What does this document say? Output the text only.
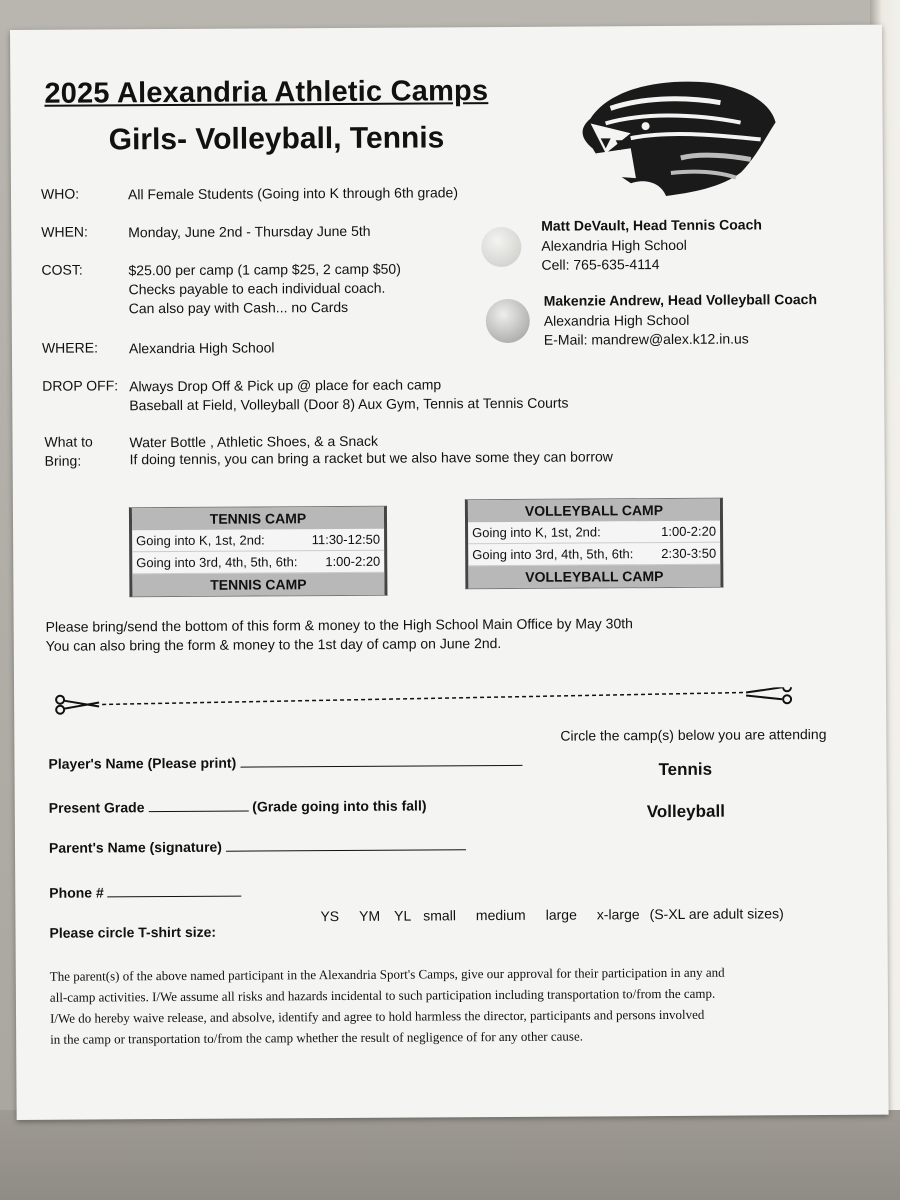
2025 Alexandria Athletic Camps
Girls- Volleyball, Tennis
WHO:	All Female Students (Going into K through 6th grade)
WHEN:	Monday, June 2nd - Thursday June 5th
COST:	$25.00 per camp (1 camp $25, 2 camp $50)
Checks payable to each individual coach.
Can also pay with Cash... no Cards
WHERE: Alexandria High School
DROP OFF: Always Drop Off & Pick up @ place for each camp
Baseball at Field, Volleyball (Door 8) Aux Gym, Tennis at Tennis Courts
What to
Bring:
Water Bottle , Athletic Shoes, & a Snack
If doing tennis, you can bring a racket but we also have some they can borrow
Matt DeVault, Head Tennis Coach
Alexandria High School
Cell: 765-635-4114
Makenzie Andrew, Head Volleyball Coach
Alexandria High School
E-Mail: mandrew@alex.k12.in.us
TENNIS CAMP
Going into K, 1st, 2nd:	11:30-12:50
Going into 3rd, 4th, 5th, 6th: 1:00-2:20
TENNIS CAMP
VOLLEYBALL CAMP
Going into K, 1st, 2nd:	1:00-2:20
Going into 3rd, 4th, 5th, 6th: 2:30-3:50
VOLLEYBALL CAMP
Please bring/send the bottom of this form & money to the High School Main Office by May 30th
You can also bring the form & money to the 1st day of camp on June 2nd.
Player's Name (Please print)
Present Grade	(Grade going into this fall)
Parent's Name (signature)
Phone #
Please circle T-shirt size:
YS YM YL small medium large x-large (S-XL are adult sizes)
Circle the camp(s) below you are attending
Tennis
Volleyball
The parent(s) of the above named participant in the Alexandria Sport's Camps, give our approval for their participation in any and
all-camp activities. I/We assume all risks and hazards incidental to such participation including transportation to/from the camp.
I/We do hereby waive release, and absolve, identify and agree to hold harmless the director, participants and persons involved
in the camp or transportation to/from the camp whether the result of negligence of for any other cause.
